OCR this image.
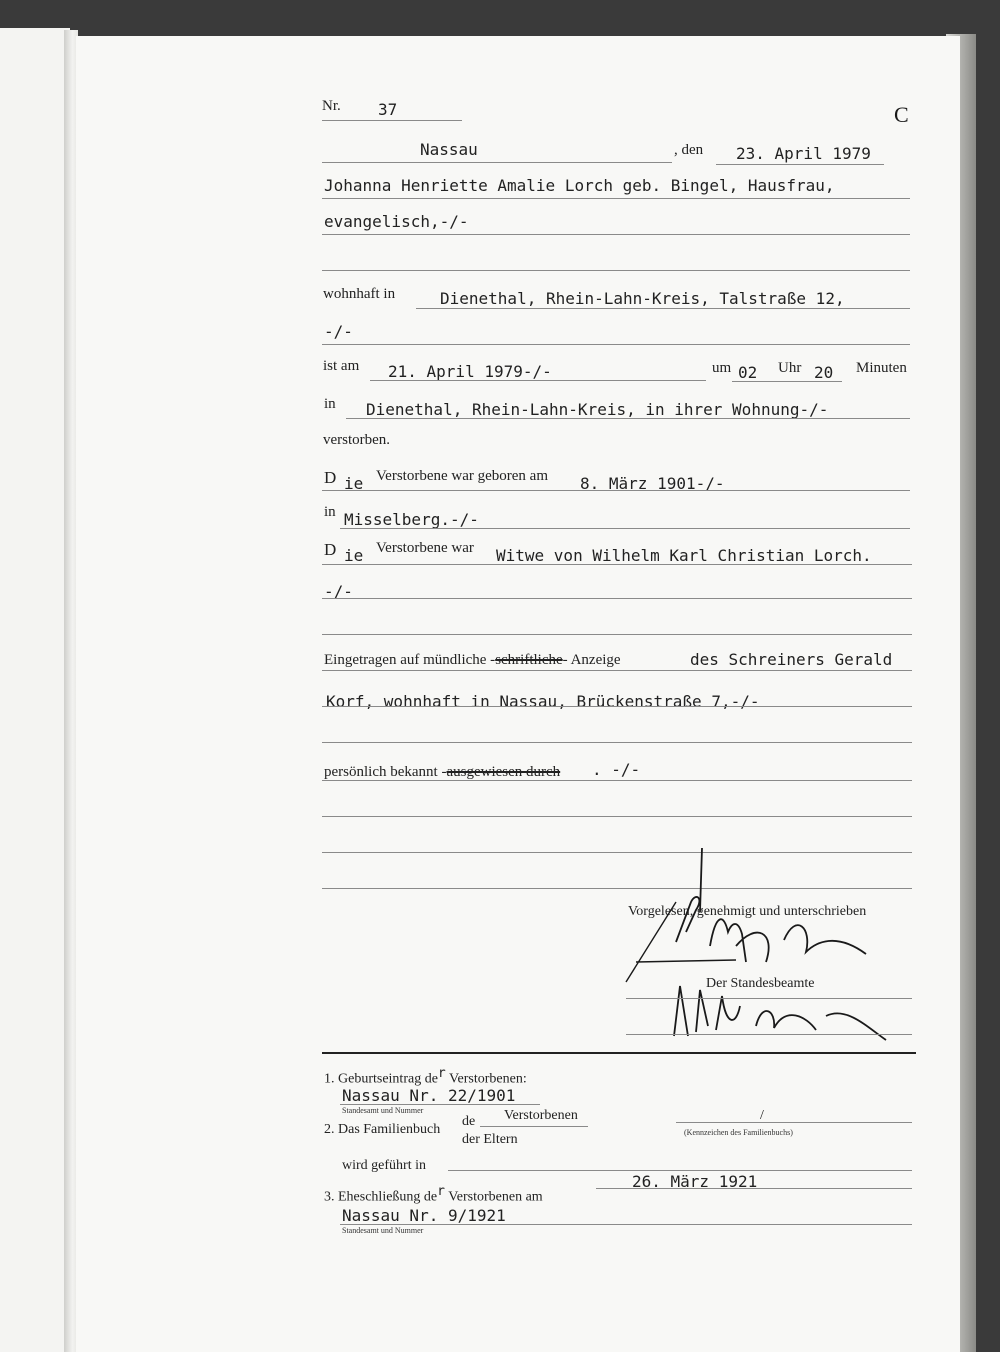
Nr. 37	C
Nassau	, den 23. April 1979
Johanna Henriette Amalie Lorch geb. Bingel, Hausfrau,
evangelisch,-/-
wohnhaft in	Dienethal, Rhein-Lahn-Kreis, Talstraße 12,
-/-
ist am 21. April 1979-/-	um 02 Uhr 20 Minuten
in Dienethal, Rhein-Lahn-Kreis, in ihrer Wohnung-/-
verstorben.
D ie Verstorbene war geboren am 8. März 1901-/-
in Misselberg.-/-
D ie Verstorbene war Witwe von Wilhelm Karl Christian Lorch.
-/-
Eingetragen auf mündliche -schriftliche- Anzeige	des Schreiners Gerald
Korf, wohnhaft in Nassau, Brückenstraße 7,-/-
persönlich bekannt -ausgewiesen durch . -/-
Vorgelesen, genehmigt und unterschrieben
Der Standesbeamte
1. Geburtseintrag $de^r$ Verstorbenen:
Nassau Nr. 22/1901
Standesamt und Nummer
2. Das Familienbuch
de Verstorbenen
der Eltern
/
(Kennzeichen des Familienbuchs)
wird geführt in
3. Eheschließung $de^r$ Verstorbenen am
26. März 1921
Nassau Nr. 9/1921
Standesamt und Nummer
